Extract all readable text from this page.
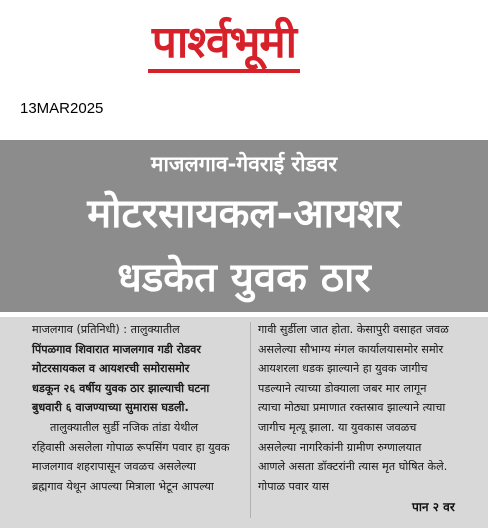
पार्श्वभूमी
13MAR2025
माजलगाव-गेवराई रोडवर
मोटरसायकल-आयशर
धडकेत युवक ठार
माजलगाव (प्रतिनिधी) : तालुक्यातील
पिंपळगाव शिवारात माजलगाव गडी रोडवर
मोटरसायकल व आयशरची समोरासमोर
धडकून २६ वर्षीय युवक ठार झाल्याची घटना
बुधवारी ६ वाजण्याच्या सुमारास घडली.
तालुक्यातील सुर्डी नजिक तांडा येथील
रहिवासी असलेला गोपाळ रूपसिंग पवार हा युवक
माजलगाव शहरापासून जवळच असलेल्या
ब्रह्मगाव येथून आपल्या मित्राला भेटून आपल्या
गावी सुर्डीला जात होता. केसापुरी वसाहत जवळ
असलेल्या सौभाग्य मंगल कार्यालयासमोर समोर
आयशरला धडक झाल्याने हा युवक जागीच
पडल्याने त्याच्या डोक्याला जबर मार लागून
त्याचा मोठ्या प्रमाणात रक्तस्राव झाल्याने त्याचा
जागीच मृत्यू झाला. या युवकास जवळच
असलेल्या नागरिकांनी ग्रामीण रुग्णालयात
आणले असता डॉक्टरांनी त्यास मृत घोषित केले.
गोपाळ पवार यास
पान २ वर
